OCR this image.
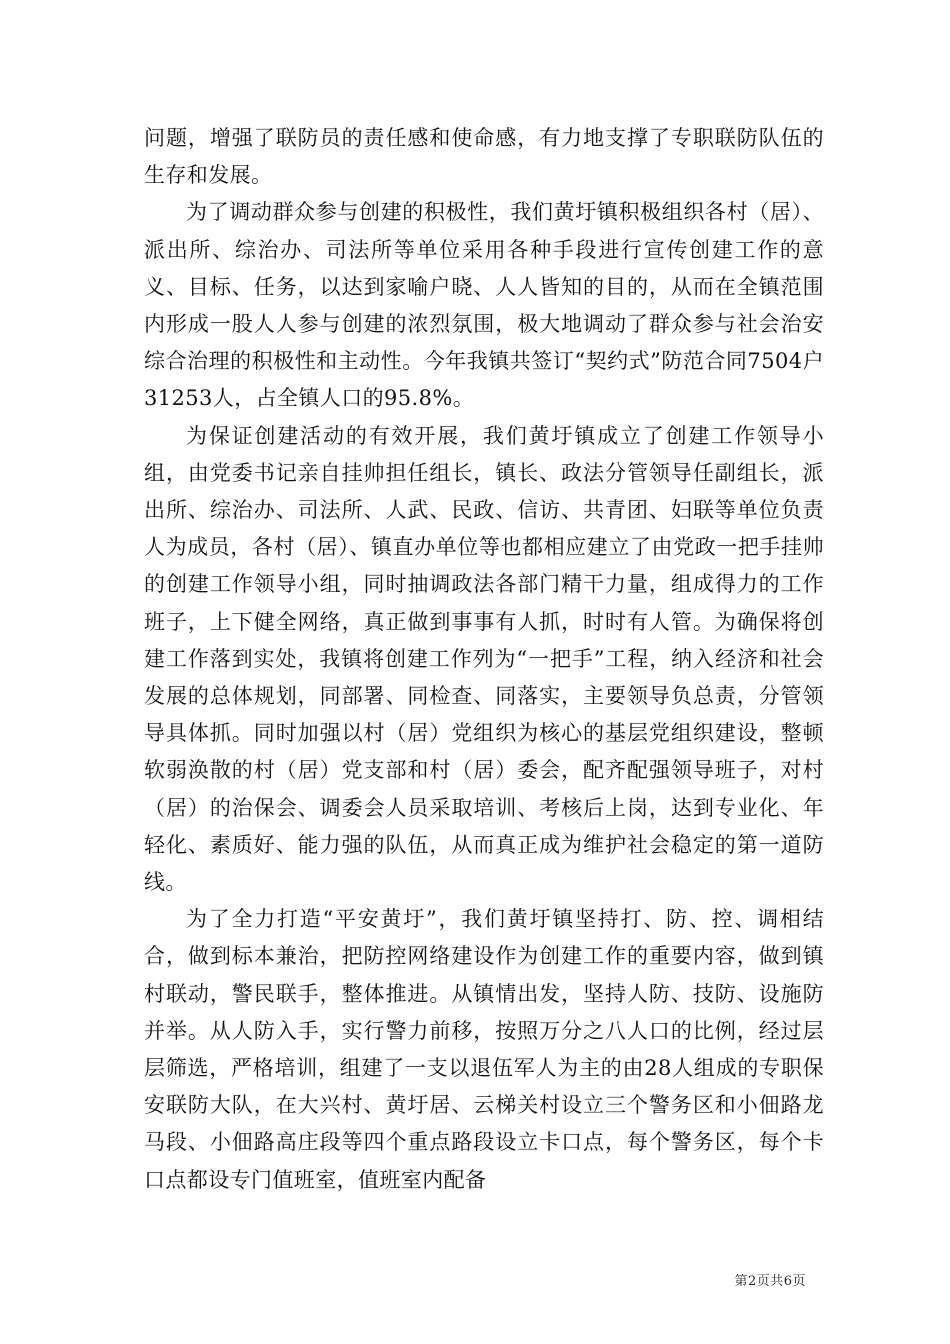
问题，增强了联防员的责任感和使命感，有力地支撑了专职联防队伍的生存和发展。

为了调动群众参与创建的积极性，我们黄圩镇积极组织各村（居）、派出所、综治办、司法所等单位采用各种手段进行宣传创建工作的意义、目标、任务，以达到家喻户晓、人人皆知的目的，从而在全镇范围内形成一股人人参与创建的浓烈氛围，极大地调动了群众参与社会治安综合治理的积极性和主动性。今年我镇共签订“契约式”防范合同7504户31253人，占全镇人口的95.8%。

为保证创建活动的有效开展，我们黄圩镇成立了创建工作领导小组，由党委书记亲自挂帅担任组长，镇长、政法分管领导任副组长，派出所、综治办、司法所、人武、民政、信访、共青团、妇联等单位负责人为成员，各村（居）、镇直办单位等也都相应建立了由党政一把手挂帅的创建工作领导小组，同时抽调政法各部门精干力量，组成得力的工作班子，上下健全网络，真正做到事事有人抓，时时有人管。为确保将创建工作落到实处，我镇将创建工作列为“一把手”工程，纳入经济和社会发展的总体规划，同部署、同检查、同落实，主要领导负总责，分管领导具体抓。同时加强以村（居）党组织为核心的基层党组织建设，整顿软弱涣散的村（居）党支部和村（居）委会，配齐配强领导班子，对村（居）的治保会、调委会人员采取培训、考核后上岗，达到专业化、年轻化、素质好、能力强的队伍，从而真正成为维护社会稳定的第一道防线。

为了全力打造“平安黄圩”，我们黄圩镇坚持打、防、控、调相结合，做到标本兼治，把防控网络建设作为创建工作的重要内容，做到镇村联动，警民联手，整体推进。从镇情出发，坚持人防、技防、设施防并举。从人防入手，实行警力前移，按照万分之八人口的比例，经过层层筛选，严格培训，组建了一支以退伍军人为主的由28人组成的专职保安联防大队，在大兴村、黄圩居、云梯关村设立三个警务区和小佃路龙马段、小佃路高庄段等四个重点路段设立卡口点，每个警务区，每个卡口点都设专门值班室，值班室内配备

第2页共6页
